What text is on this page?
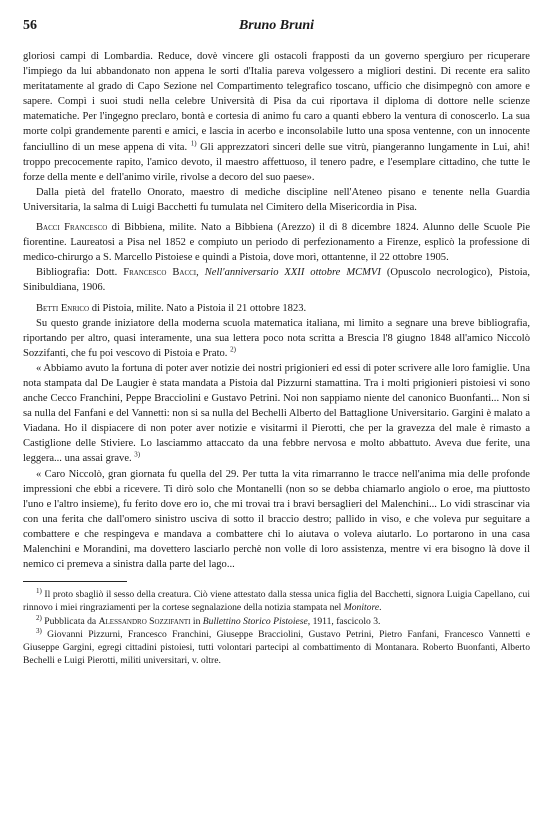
56	Bruno Bruni

gloriosi campi di Lombardia. Reduce, dovè vincere gli ostacoli frapposti da un governo spergiuro per ricuperare l'impiego da lui abbandonato non appena le sorti d'Italia pareva volgessero a migliori destini. Di recente era salito meritatamente al grado di Capo Sezione nel Compartimento telegrafico toscano, ufficio che disimpegnò con amore e sapere. Compì i suoi studi nella celebre Università di Pisa da cui riportava il diploma di dottore nelle scienze matematiche. Per l'ingegno preclaro, bontà e cortesia di animo fu caro a quanti ebbero la ventura di conoscerlo. La sua morte colpì grandemente parenti e amici, e lascia in acerbo e inconsolabile lutto una sposa ventenne, con un innocente fanciullino di un mese appena di vita. $^{1)}$ Gli apprezzatori sinceri delle sue vitrù, piangeranno lungamente in Lui, ahi! troppo precocemente rapito, l'amico devoto, il maestro affettuoso, il tenero padre, e l'esemplare cittadino, che tutte le forze della mente e dell'animo virile, rivolse a decoro del suo paese».

Dalla pietà del fratello Onorato, maestro di mediche discipline nell'Ateneo pisano e tenente nella Guardia Universitaria, la salma di Luigi Bacchetti fu tumulata nel Cimitero della Misericordia in Pisa.

Bacci Francesco di Bibbiena, milite. Nato a Bibbiena (Arezzo) il dì 8 dicembre 1824. Alunno delle Scuole Pie fiorentine. Laureatosi a Pisa nel 1852 e compiuto un periodo di perfezionamento a Firenze, esplicò la professione di medico-chirurgo a S. Marcello Pistoiese e quindi a Pistoia, dove morì, ottantenne, il 22 ottobre 1905.

Bibliografia: Dott. Francesco Bacci, Nell'anniversario XXII ottobre MCMVI (Opuscolo necrologico), Pistoia, Sinibuldiana, 1906.

Betti Enrico di Pistoia, milite. Nato a Pistoia il 21 ottobre 1823.

Su questo grande iniziatore della moderna scuola matematica italiana, mi limito a segnare una breve bibliografia, riportando per altro, quasi interamente, una sua lettera poco nota scritta a Brescia l'8 giugno 1848 all'amico Niccolò Sozzifanti, che fu poi vescovo di Pistoia e Prato. $^{2)}$

« Abbiamo avuto la fortuna di poter aver notizie dei nostri prigionieri ed essi di poter scrivere alle loro famiglie. Una nota stampata dal De Laugier è stata mandata a Pistoia dal Pizzurni stamattina. Tra i molti prigionieri pistoiesi vi sono anche Cecco Franchini, Peppe Bracciolini e Gustavo Petrini. Noi non sappiamo niente del canonico Buonfanti... Non si sa nulla del Fanfani e del Vannetti: non si sa nulla del Bechelli Alberto del Battaglione Universitario. Gargini è malato a Viadana. Ho il dispiacere di non poter aver notizie e visitarmi il Pierotti, che per la gravezza del male è rimasto a Castiglione delle Stiviere. Lo lasciammo attaccato da una febbre nervosa e molto abbattuto. Aveva due ferite, una leggera... una assai grave. $^{3)}$

« Caro Niccolò, gran giornata fu quella del 29. Per tutta la vita rimarranno le tracce nell'anima mia delle profonde impressioni che ebbi a ricevere. Ti dirò solo che Montanelli (non so se debba chiamarlo angiolo o eroe, ma piuttosto l'uno e l'altro insieme), fu ferito dove ero io, che mi trovai tra i bravi bersaglieri del Malenchini... Lo vidi strascinar via con una ferita che dall'omero sinistro usciva di sotto il braccio destro; pallido in viso, e che voleva pur seguitare a combattere e che respingeva e mandava a combattere chi lo aiutava o voleva aiutarlo. Lo portarono in una casa Malenchini e Morandini, ma dovettero lasciarlo perchè non volle di loro assistenza, mentre vi era bisogno là dove il nemico ci premeva a sinistra dalla parte del lago...

$^{1)}$ Il proto sbagliò il sesso della creatura. Ciò viene attestato dalla stessa unica figlia del Bacchetti, signora Luigia Capellano, cui rinnovo i miei ringraziamenti per la cortese segnalazione della notizia stampata nel Monitore.

$^{2)}$ Pubblicata da Alessandro Sozzifanti in Bullettino Storico Pistoiese, 1911, fascicolo 3.

$^{3)}$ Giovanni Pizzurni, Francesco Franchini, Giuseppe Bracciolini, Gustavo Petrini, Pietro Fanfani, Francesco Vannetti e Giuseppe Gargini, egregi cittadini pistoiesi, tutti volontari partecipi al combattimento di Montanara. Roberto Buonfanti, Alberto Bechelli e Luigi Pierotti, militi universitari, v. oltre.
